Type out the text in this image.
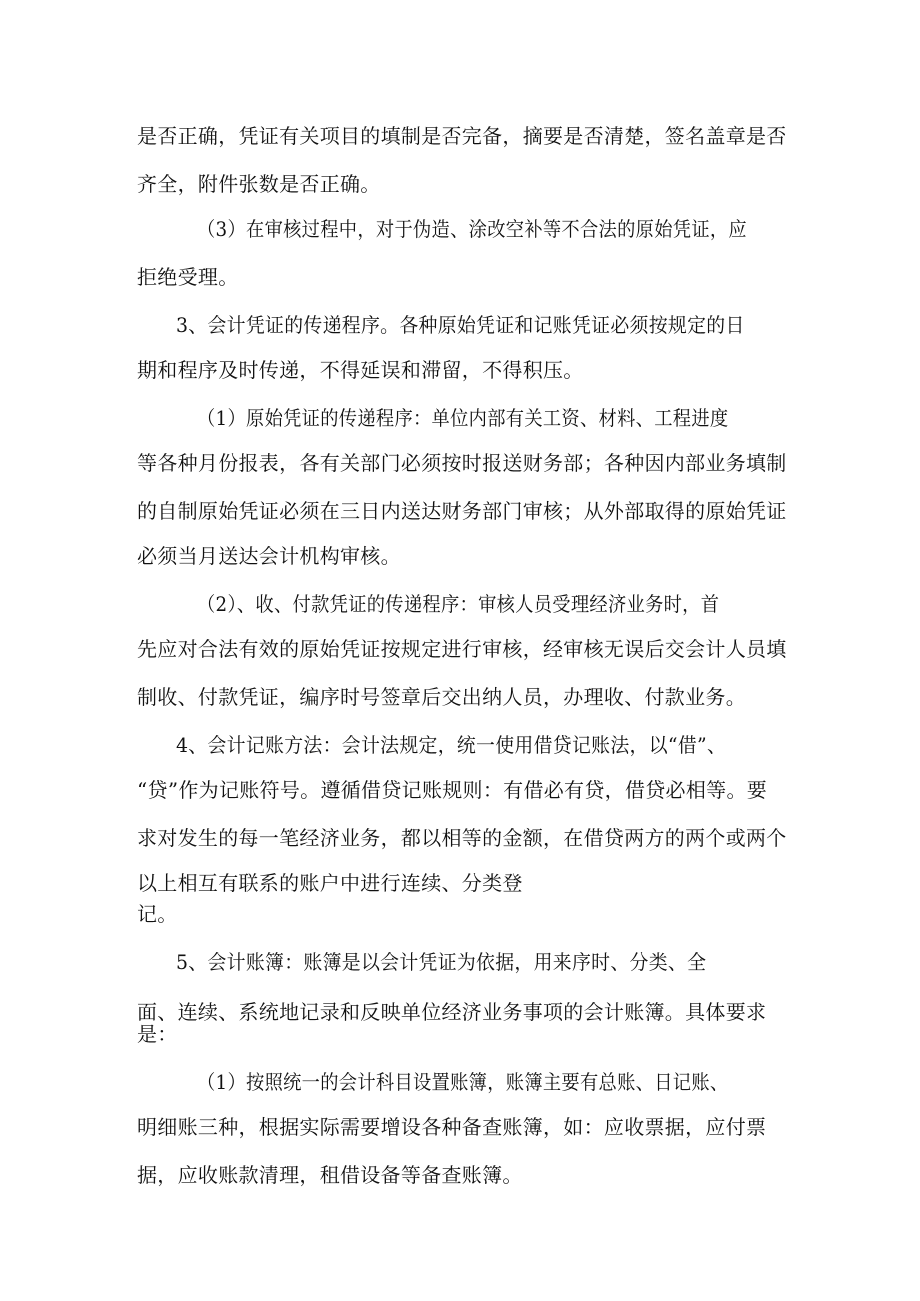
是否正确，凭证有关项目的填制是否完备，摘要是否清楚，签名盖章是否
齐全，附件张数是否正确。
（3）在审核过程中，对于伪造、涂改空补等不合法的原始凭证，应
拒绝受理。
3、会计凭证的传递程序。各种原始凭证和记账凭证必须按规定的日
期和程序及时传递，不得延误和滞留，不得积压。
（1）原始凭证的传递程序：单位内部有关工资、材料、工程进度
等各种月份报表，各有关部门必须按时报送财务部；各种因内部业务填制
的自制原始凭证必须在三日内送达财务部门审核；从外部取得的原始凭证
必须当月送达会计机构审核。
（2）、收、付款凭证的传递程序：审核人员受理经济业务时，首
先应对合法有效的原始凭证按规定进行审核，经审核无误后交会计人员填
制收、付款凭证，编序时号签章后交出纳人员，办理收、付款业务。
4、会计记账方法：会计法规定，统一使用借贷记账法，以“借”、
“贷”作为记账符号。遵循借贷记账规则：有借必有贷，借贷必相等。要
求对发生的每一笔经济业务，都以相等的金额，在借贷两方的两个或两个
以上相互有联系的账户中进行连续、分类登
记。
5、会计账簿：账簿是以会计凭证为依据，用来序时、分类、全
面、连续、系统地记录和反映单位经济业务事项的会计账簿。具体要求
是：
（1）按照统一的会计科目设置账簿，账簿主要有总账、日记账、
明细账三种，根据实际需要增设各种备查账簿，如：应收票据，应付票
据，应收账款清理，租借设备等备查账簿。
